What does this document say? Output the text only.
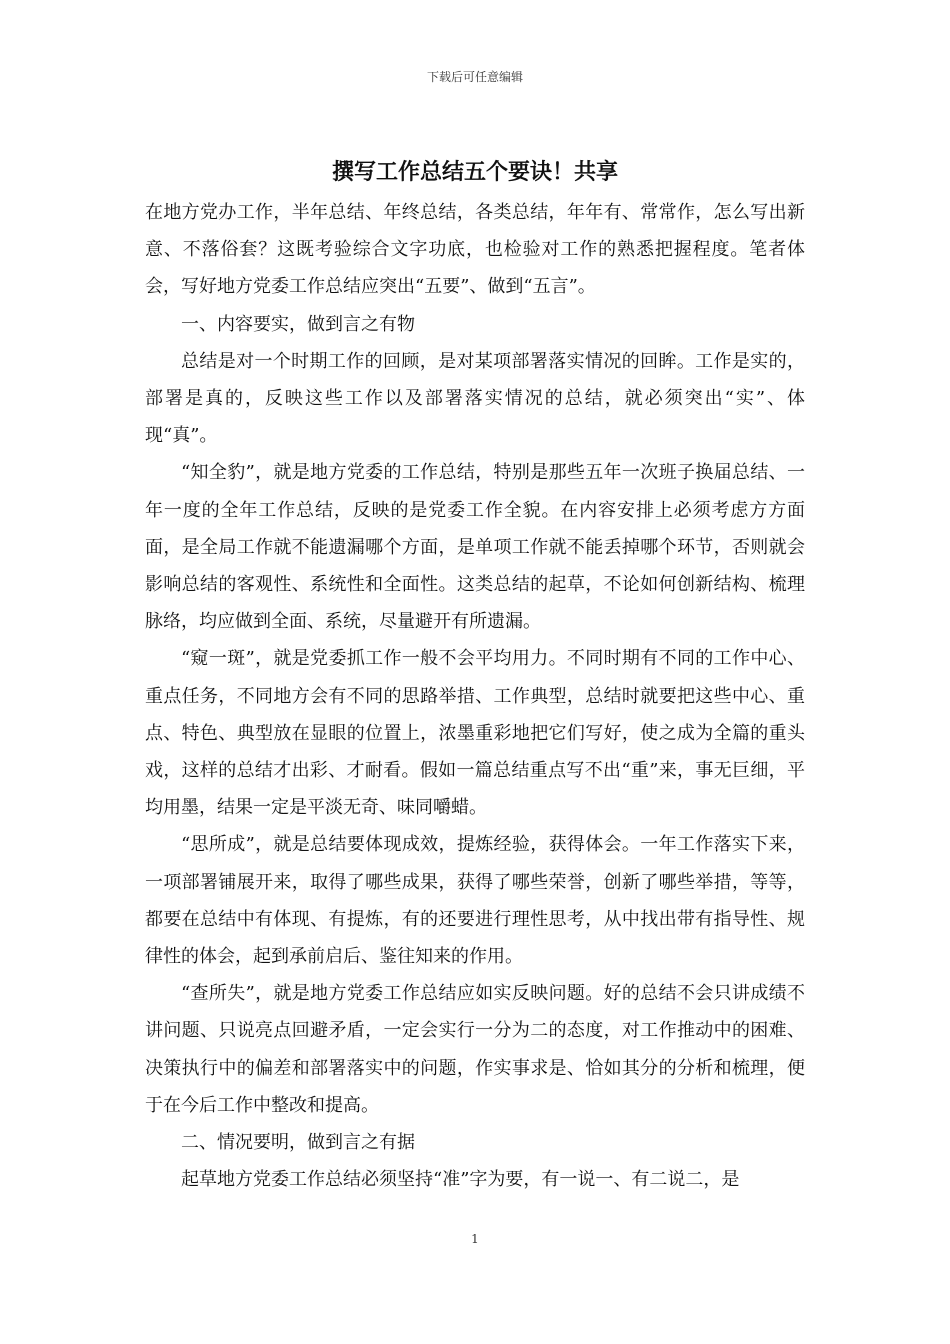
下载后可任意编辑
撰写工作总结五个要诀！共享

在地方党办工作，半年总结、年终总结，各类总结，年年有、常常作，怎么写出新意、不落俗套？这既考验综合文字功底，也检验对工作的熟悉把握程度。笔者体会，写好地方党委工作总结应突出“五要”、做到“五言”。

一、内容要实，做到言之有物

总结是对一个时期工作的回顾，是对某项部署落实情况的回眸。工作是实的，部署是真的，反映这些工作以及部署落实情况的总结，就必须突出“实”、体现“真”。

“知全豹”，就是地方党委的工作总结，特别是那些五年一次班子换届总结、一年一度的全年工作总结，反映的是党委工作全貌。在内容安排上必须考虑方方面面，是全局工作就不能遗漏哪个方面，是单项工作就不能丢掉哪个环节，否则就会影响总结的客观性、系统性和全面性。这类总结的起草，不论如何创新结构、梳理脉络，均应做到全面、系统，尽量避开有所遗漏。

“窥一斑”，就是党委抓工作一般不会平均用力。不同时期有不同的工作中心、重点任务，不同地方会有不同的思路举措、工作典型，总结时就要把这些中心、重点、特色、典型放在显眼的位置上，浓墨重彩地把它们写好，使之成为全篇的重头戏，这样的总结才出彩、才耐看。假如一篇总结重点写不出“重”来，事无巨细，平均用墨，结果一定是平淡无奇、味同嚼蜡。

“思所成”，就是总结要体现成效，提炼经验，获得体会。一年工作落实下来，一项部署铺展开来，取得了哪些成果，获得了哪些荣誉，创新了哪些举措，等等，都要在总结中有体现、有提炼，有的还要进行理性思考，从中找出带有指导性、规律性的体会，起到承前启后、鉴往知来的作用。

“查所失”，就是地方党委工作总结应如实反映问题。好的总结不会只讲成绩不讲问题、只说亮点回避矛盾，一定会实行一分为二的态度，对工作推动中的困难、决策执行中的偏差和部署落实中的问题，作实事求是、恰如其分的分析和梳理，便于在今后工作中整改和提高。

二、情况要明，做到言之有据

起草地方党委工作总结必须坚持“准”字为要，有一说一、有二说二，是

1
